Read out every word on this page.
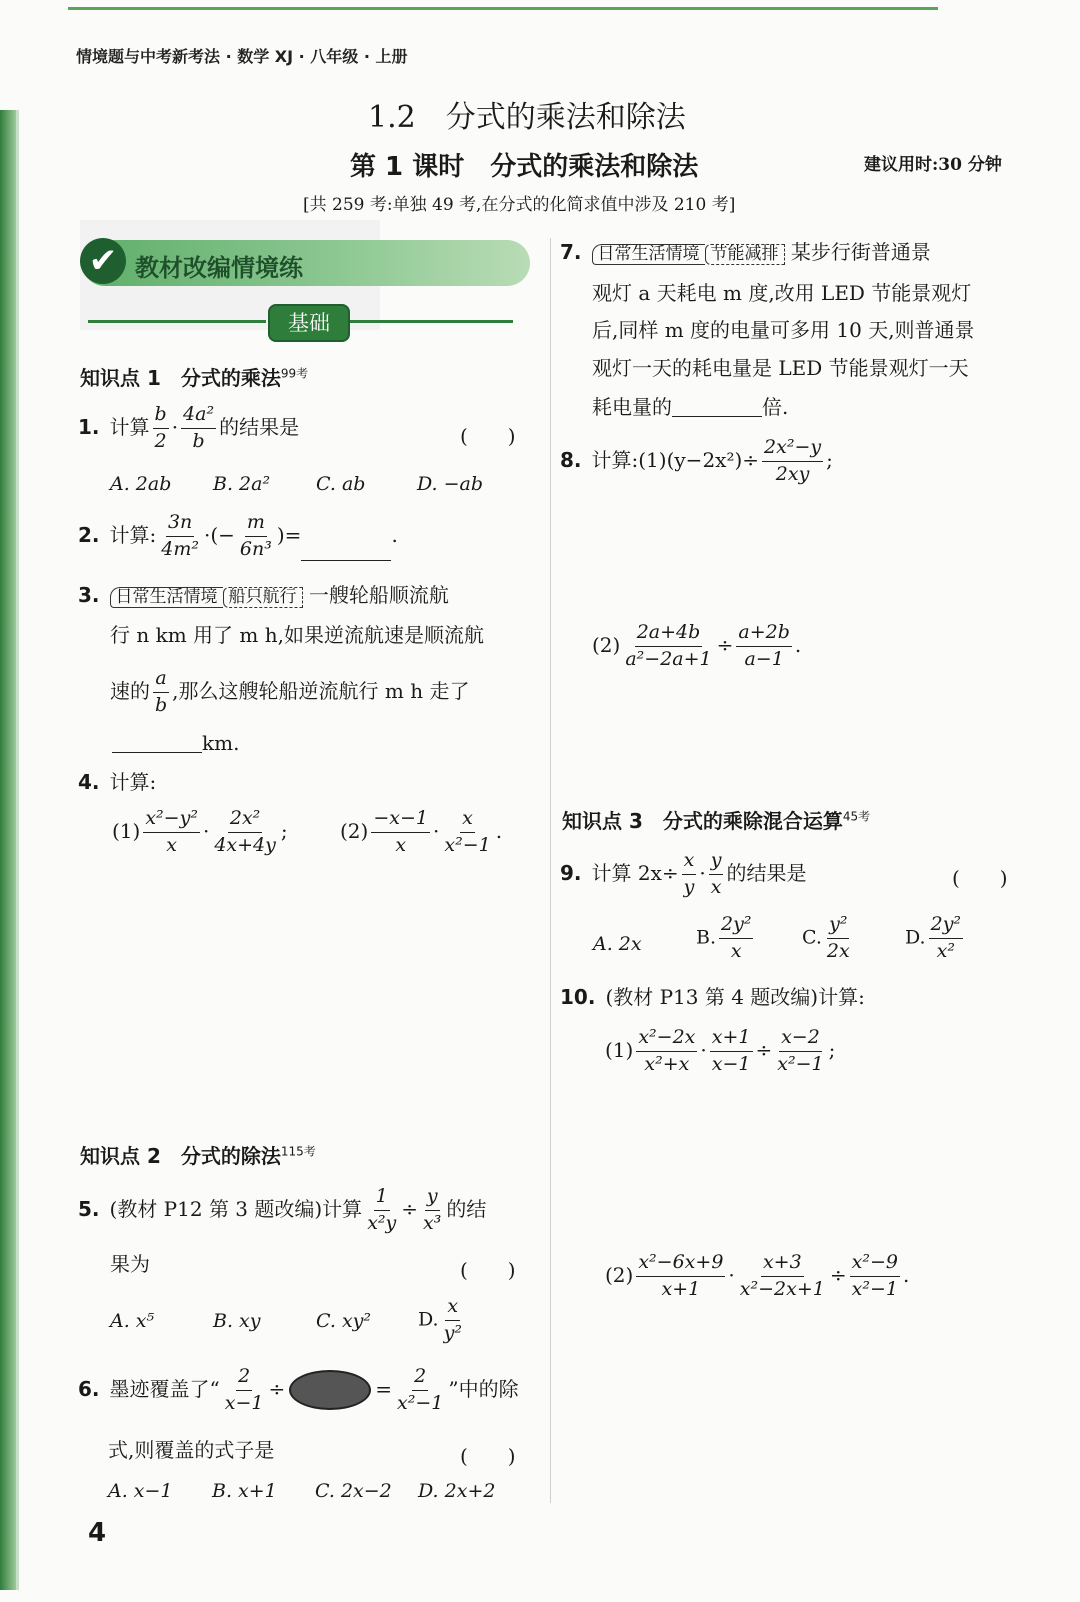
情境题与中考新考法 · 数学 XJ · 八年级 · 上册
1.2　分式的乘法和除法
第 1 课时　分式的乘法和除法	建议用时:30 分钟
[共 259 考:单独 49 考,在分式的化简求值中涉及 210 考]
✔ 教材改编情境练
基础
知识点 1　分式的乘法$^{99考}$
1. 计算 $\frac{b}{2} \cdot \frac{\text{4a²}}{b}$ 的结果是	(　　)
A. 2ab B. 2a² C. ab	D. −ab
2. 计算: $\frac{3n}{\text{4m²}}$ ·(− $\frac{m}{\text{6n³}}$ )=	.
3. 日常生活情境 船只航行 一艘轮船顺流航
行 n km 用了 m h,如果逆流航速是顺流航
速的 $\frac{a}{b}$ ,那么这艘轮船逆流航行 m h 走了
km.
4. 计算:
$(1) \frac{\text{x²−y²}}{x} \cdot \frac{\text{2x²}}{4x+4y}$ ;	$(2) \frac{-x-1}{x} \cdot \frac{x}{\text{x²−1}}$ .
知识点 2　分式的除法$^{115考}$
5. (教材 P12 第 3 题改编)计算 $\frac{1}{\text{x²y}} \div \frac{y}{\text{x³}}$ 的结
果为	(　　)
A. x⁵	B. xy	C. xy² D. $\frac{x}{\text{y²}}$
6. 墨迹覆盖了“ $\frac{2}{x-1}$ ÷	= $\frac{2}{\text{x²−1}}$ ”中的除
式,则覆盖的式子是	(　　)
A. x−1 B. x+1 C. 2x−2 D. 2x+2
7. 日常生活情境 节能减排 某步行街普通景
观灯 a 天耗电 m 度,改用 LED 节能景观灯
后,同样 m 度的电量可多用 10 天,则普通景
观灯一天的耗电量是 LED 节能景观灯一天
耗电量的	倍.
8. 计算:(1)(y−2x²)÷ $\frac{\text{2x²−y}}{2xy}$ ;
$(2) \frac{2a+4b}{\text{a²−2a+1}} \div \frac{a+2b}{a-1}$ .
知识点 3　分式的乘除混合运算$^{45考}$
9. 计算 $2x\div \frac{x}{y} \cdot \frac{y}{x}$ 的结果是	(　　)
A. 2x	B. $\frac{\text{2y²}}{x}$	C. $\frac{\text{y²}}{2x}$	D. $\frac{\text{2y²}}{\text{x²}}$
10. (教材 P13 第 4 题改编)计算:
$(1) \frac{\text{x²−2x}}{\text{x²+x}} \cdot \frac{x+1}{x-1} \div \frac{x-2}{\text{x²−1}}$ ;
$(2) \frac{\text{x²−6x+9}}{x+1} \cdot \frac{x+3}{\text{x²−2x+1}} \div \frac{\text{x²−9}}{\text{x²−1}}$ .
4
